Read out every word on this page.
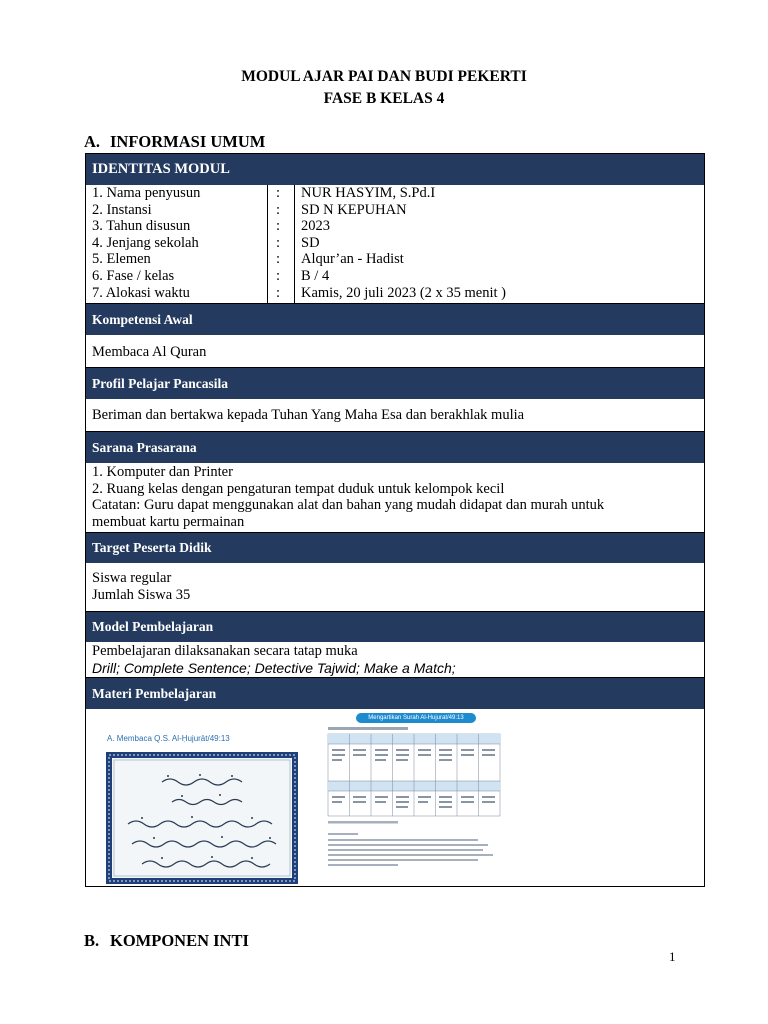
MODUL AJAR PAI DAN BUDI PEKERTI
FASE B KELAS 4
A. INFORMASI UMUM
IDENTITAS MODUL
1. Nama penyusun	: NUR HASYIM, S.Pd.I
2. Instansi	: SD N KEPUHAN
3. Tahun disusun	: 2023
4. Jenjang sekolah	: SD
5. Elemen	: Alqur’an - Hadist
6. Fase / kelas	: B / 4
7. Alokasi waktu	: Kamis, 20 juli 2023 (2 x 35 menit )
Kompetensi Awal
Membaca Al Quran
Profil Pelajar Pancasila
Beriman dan bertakwa kepada Tuhan Yang Maha Esa dan berakhlak mulia
Sarana Prasarana
1. Komputer dan Printer
2. Ruang kelas dengan pengaturan tempat duduk untuk kelompok kecil
Catatan: Guru dapat menggunakan alat dan bahan yang mudah didapat dan murah untuk
membuat kartu permainan
Target Peserta Didik
Siswa regular
Jumlah Siswa 35
Model Pembelajaran
Pembelajaran dilaksanakan secara tatap muka
Drill; Complete Sentence; Detective Tajwid; Make a Match;
Materi Pembelajaran
A. Membaca Q.S. Al-Ḥujurāt/49:13
Mengartikan Surah Al-Hujurat/49:13
B. KOMPONEN INTI
1
